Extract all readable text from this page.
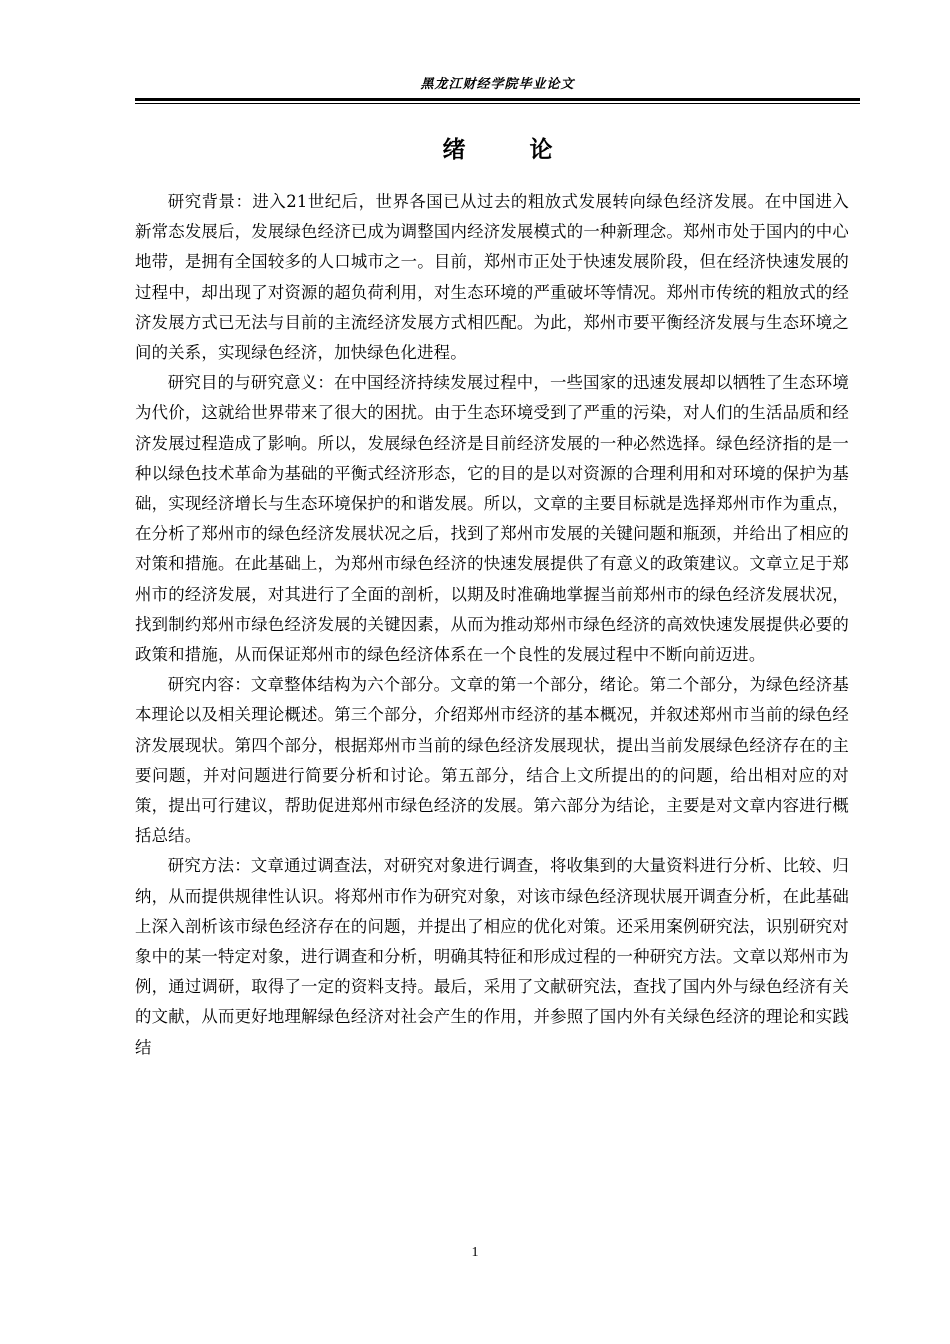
黑龙江财经学院毕业论文
绪 论

研究背景：进入21世纪后，世界各国已从过去的粗放式发展转向绿色经济发展。在中国进入新常态发展后，发展绿色经济已成为调整国内经济发展模式的一种新理念。郑州市处于国内的中心地带，是拥有全国较多的人口城市之一。目前，郑州市正处于快速发展阶段，但在经济快速发展的过程中，却出现了对资源的超负荷利用，对生态环境的严重破坏等情况。郑州市传统的粗放式的经济发展方式已无法与目前的主流经济发展方式相匹配。为此，郑州市要平衡经济发展与生态环境之间的关系，实现绿色经济，加快绿色化进程。

研究目的与研究意义：在中国经济持续发展过程中，一些国家的迅速发展却以牺牲了生态环境为代价，这就给世界带来了很大的困扰。由于生态环境受到了严重的污染，对人们的生活品质和经济发展过程造成了影响。所以，发展绿色经济是目前经济发展的一种必然选择。绿色经济指的是一种以绿色技术革命为基础的平衡式经济形态，它的目的是以对资源的合理利用和对环境的保护为基础，实现经济增长与生态环境保护的和谐发展。所以，文章的主要目标就是选择郑州市作为重点，在分析了郑州市的绿色经济发展状况之后，找到了郑州市发展的关键问题和瓶颈，并给出了相应的对策和措施。在此基础上，为郑州市绿色经济的快速发展提供了有意义的政策建议。文章立足于郑州市的经济发展，对其进行了全面的剖析，以期及时准确地掌握当前郑州市的绿色经济发展状况，找到制约郑州市绿色经济发展的关键因素，从而为推动郑州市绿色经济的高效快速发展提供必要的政策和措施，从而保证郑州市的绿色经济体系在一个良性的发展过程中不断向前迈进。

研究内容：文章整体结构为六个部分。文章的第一个部分，绪论。第二个部分，为绿色经济基本理论以及相关理论概述。第三个部分，介绍郑州市经济的基本概况，并叙述郑州市当前的绿色经济发展现状。第四个部分，根据郑州市当前的绿色经济发展现状，提出当前发展绿色经济存在的主要问题，并对问题进行简要分析和讨论。第五部分，结合上文所提出的的问题，给出相对应的对策，提出可行建议，帮助促进郑州市绿色经济的发展。第六部分为结论，主要是对文章内容进行概括总结。

研究方法：文章通过调查法，对研究对象进行调查，将收集到的大量资料进行分析、比较、归纳，从而提供规律性认识。将郑州市作为研究对象，对该市绿色经济现状展开调查分析，在此基础上深入剖析该市绿色经济存在的问题，并提出了相应的优化对策。还采用案例研究法，识别研究对象中的某一特定对象，进行调查和分析，明确其特征和形成过程的一种研究方法。文章以郑州市为例，通过调研，取得了一定的资料支持。最后，采用了文献研究法，查找了国内外与绿色经济有关的文献，从而更好地理解绿色经济对社会产生的作用，并参照了国内外有关绿色经济的理论和实践结

1
